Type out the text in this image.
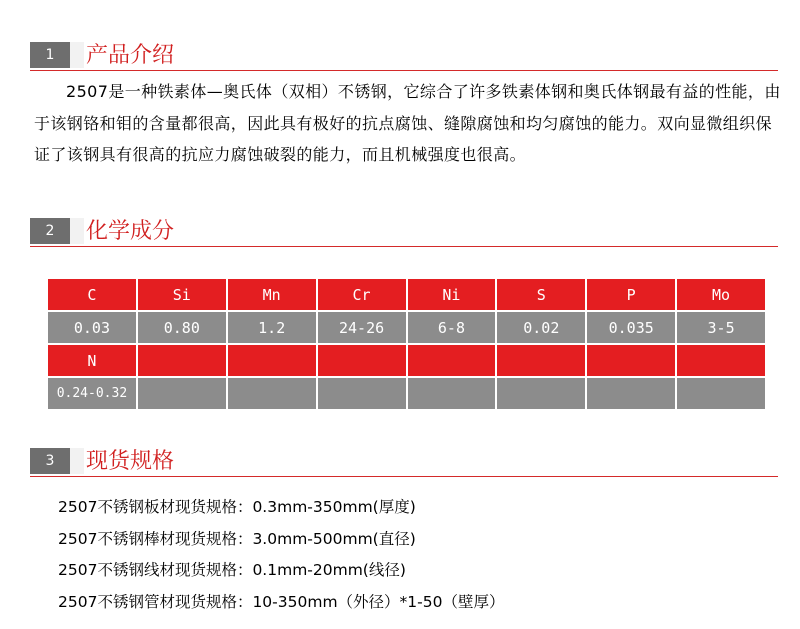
1	产品介绍
2507是一种铁素体—奥氏体（双相）不锈钢，它综合了许多铁素体钢和奥氏体钢最有益的性能，由于该钢铬和钼的含量都很高，因此具有极好的抗点腐蚀、缝隙腐蚀和均匀腐蚀的能力。双向显微组织保证了该钢具有很高的抗应力腐蚀破裂的能力，而且机械强度也很高。
2	化学成分
C	Si	Mn	Cr	Ni	S	P	Mo
0.03	0.80	1.2	24-26	6-8	0.02	0.035	3-5
N							
0.24-0.32							
3	现货规格
2507不锈钢板材现货规格：0.3mm-350mm(厚度)
2507不锈钢棒材现货规格：3.0mm-500mm(直径)
2507不锈钢线材现货规格：0.1mm-20mm(线径)
2507不锈钢管材现货规格：10-350mm（外径）*1-50（壁厚）
